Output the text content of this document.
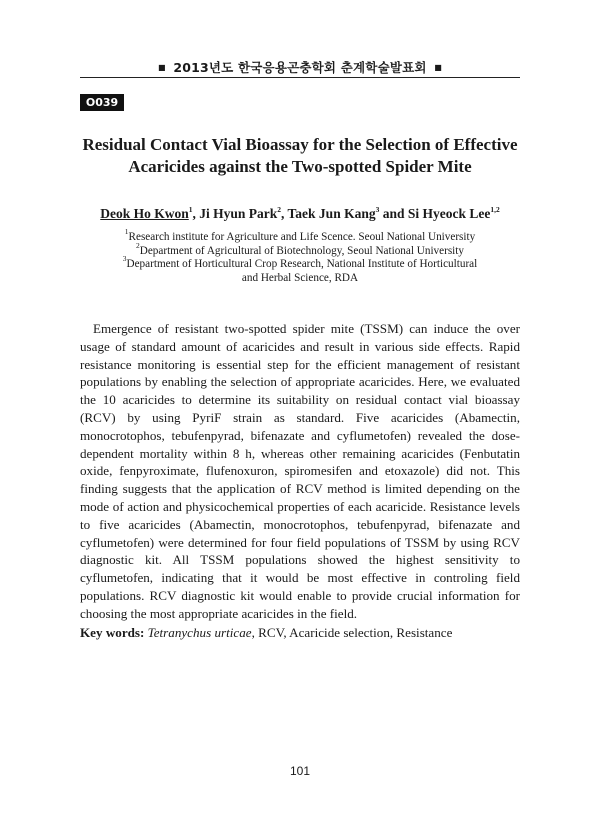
■ 2013년도 한국응용곤충학회 춘계학술발표회 ■
O039
Residual Contact Vial Bioassay for the Selection of Effective
Acaricides against the Two-spotted Spider Mite
Deok Ho Kwon$^1$, Ji Hyun Park$^2$, Taek Jun Kang$^3$ and Si Hyeock Lee$^{1,2}$
$^1$Research institute for Agriculture and Life Scence. Seoul National University
$^2$Department of Agricultural of Biotechnology, Seoul National University
$^3$Department of Horticultural Crop Research, National Institute of Horticultural
and Herbal Science, RDA

Emergence of resistant two-spotted spider mite (TSSM) can induce the over usage of standard amount of acaricides and result in various side effects. Rapid resistance monitoring is essential step for the efficient management of resistant populations by enabling the selection of appropriate acaricides. Here, we evaluated the 10 acaricides to determine its suitability on residual contact vial bioassay (RCV) by using PyriF strain as standard. Five acaricides (Abamectin, monocrotophos, tebufenpyrad, bifenazate and cyflumetofen) revealed the dose-dependent mortality within 8 h, whereas other remaining acaricides (Fenbutatin oxide, fenpyroximate, flufenoxuron, spiromesifen and etoxazole) did not. This finding suggests that the application of RCV method is limited depending on the mode of action and physicochemical properties of each acaricide. Resistance levels to five acaricides (Abamectin, monocrotophos, tebufenpyrad, bifenazate and cyflumetofen) were determined for four field populations of TSSM by using RCV diagnostic kit. All TSSM populations showed the highest sensitivity to cyflumetofen, indicating that it would be most effective in controling field populations. RCV diagnostic kit would enable to provide crucial information for choosing the most appropriate acaricides in the field.

Key words: Tetranychus urticae, RCV, Acaricide selection, Resistance
101
